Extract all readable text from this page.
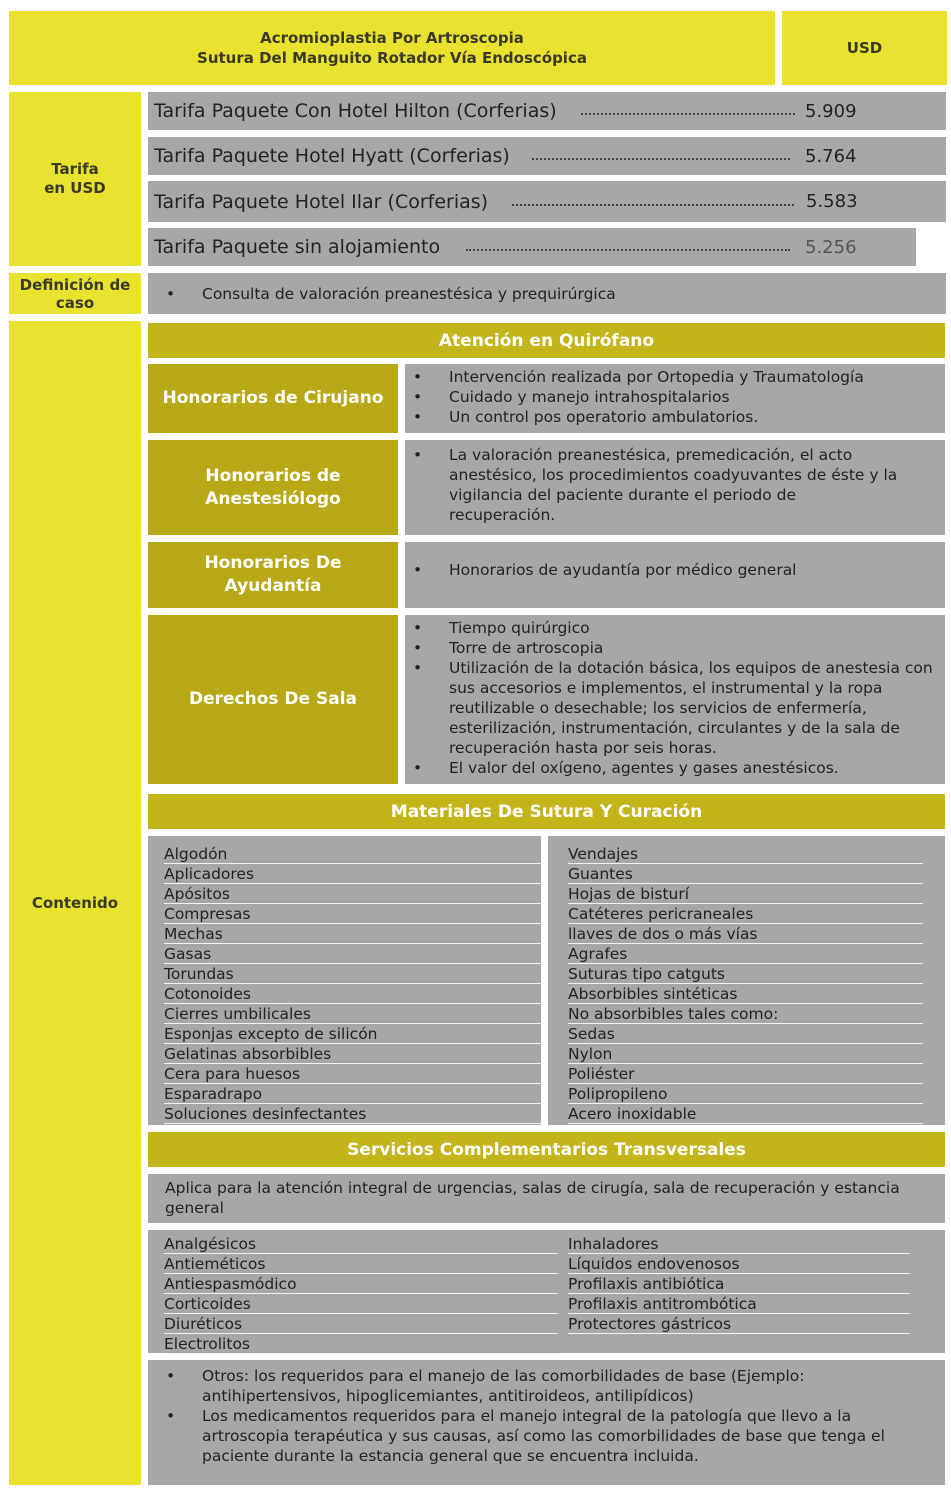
Acromioplastia Por Artroscopia
Sutura Del Manguito Rotador Vía Endoscópica
USD
Tarifa
en USD
Tarifa Paquete Con Hotel Hilton (Corferias)	5.909
Tarifa Paquete Hotel Hyatt (Corferias)	5.764
Tarifa Paquete Hotel Ilar (Corferias)	5.583
Tarifa Paquete sin alojamiento	5.256
Definición de
caso
•	Consulta de valoración preanestésica y prequirúrgica
Contenido
Atención en Quirófano
Honorarios de Cirujano
• Intervención realizada por Ortopedia y Traumatología
• Cuidado y manejo intrahospitalarios
• Un control pos operatorio ambulatorios.
Honorarios de
Anestesiólogo
• La valoración preanestésica, premedicación, el acto anestésico, los procedimientos coadyuvantes de éste y la vigilancia del paciente durante el periodo de recuperación.
Honorarios De
Ayudantía
• Honorarios de ayudantía por médico general
Derechos De Sala
• Tiempo quirúrgico
• Torre de artroscopia
• Utilización de la dotación básica, los equipos de anestesia con sus accesorios e implementos, el instrumental y la ropa reutilizable o desechable; los servicios de enfermería, esterilización, instrumentación, circulantes y de la sala de recuperación hasta por seis horas.
• El valor del oxígeno, agentes y gases anestésicos.
Materiales De Sutura Y Curación
Algodón
Aplicadores
Apósitos
Compresas
Mechas
Gasas
Torundas
Cotonoides
Cierres umbilicales
Esponjas excepto de silicón
Gelatinas absorbibles
Cera para huesos
Esparadrapo
Soluciones desinfectantes
Vendajes
Guantes
Hojas de bisturí
Catéteres pericraneales
llaves de dos o más vías
Agrafes
Suturas tipo catguts
Absorbibles sintéticas
No absorbibles tales como:
Sedas
Nylon
Poliéster
Polipropileno
Acero inoxidable
Servicios Complementarios Transversales
Aplica para la atención integral de urgencias, salas de cirugía, sala de recuperación y estancia general
Analgésicos
Antieméticos
Antiespasmódico
Corticoides
Diuréticos
Electrolitos
Inhaladores
Líquidos endovenosos
Profilaxis antibiótica
Profilaxis antitrombótica
Protectores gástricos
• Otros: los requeridos para el manejo de las comorbilidades de base (Ejemplo: antihipertensivos, hipoglicemiantes, antitiroideos, antilipídicos)
• Los medicamentos requeridos para el manejo integral de la patología que llevo a la artroscopia terapéutica y sus causas, así como las comorbilidades de base que tenga el paciente durante la estancia general que se encuentra incluida.
